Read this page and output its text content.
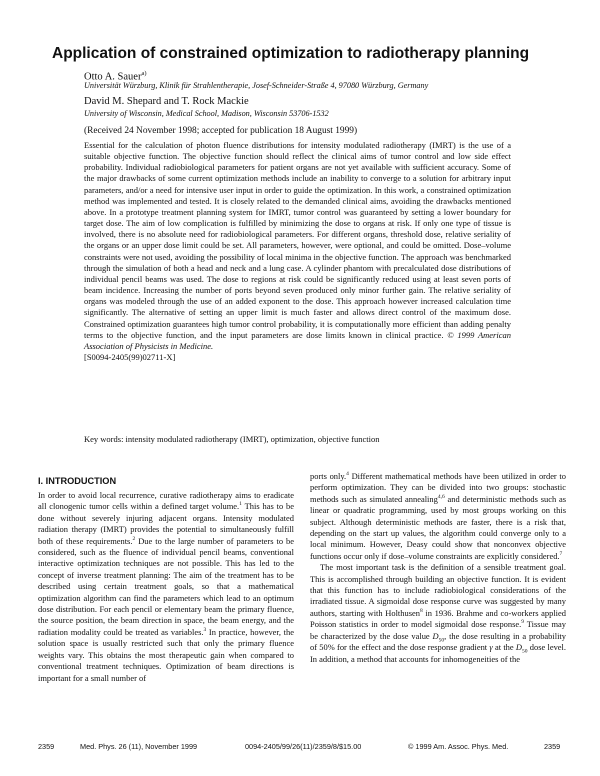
Application of constrained optimization to radiotherapy planning
Otto A. Sauer$^{a)}$
Universität Würzburg, Klinik für Strahlentherapie, Josef-Schneider-Straße 4, 97080 Würzburg, Germany
David M. Shepard and T. Rock Mackie
University of Wisconsin, Medical School, Madison, Wisconsin 53706-1532
(Received 24 November 1998; accepted for publication 18 August 1999)

Essential for the calculation of photon fluence distributions for intensity modulated radiotherapy (IMRT) is the use of a suitable objective function. The objective function should reflect the clinical aims of tumor control and low side effect probability. Individual radiobiological parameters for patient organs are not yet available with sufficient accuracy. Some of the major drawbacks of some current optimization methods include an inability to converge to a solution for arbitrary input parameters, and/or a need for intensive user input in order to guide the optimization. In this work, a constrained optimization method was implemented and tested. It is closely related to the demanded clinical aims, avoiding the drawbacks mentioned above. In a prototype treatment planning system for IMRT, tumor control was guaranteed by setting a lower boundary for target dose. The aim of low complication is fulfilled by minimizing the dose to organs at risk. If only one type of tissue is involved, there is no absolute need for radiobiological parameters. For different organs, threshold dose, relative seriality of the organs or an upper dose limit could be set. All parameters, however, were optional, and could be omitted. Dose–volume constraints were not used, avoiding the possibility of local minima in the objective function. The approach was benchmarked through the simulation of both a head and neck and a lung case. A cylinder phantom with precalculated dose distributions of individual pencil beams was used. The dose to regions at risk could be significantly reduced using at least seven ports of beam incidence. Increasing the number of ports beyond seven produced only minor further gain. The relative seriality of organs was modeled through the use of an added exponent to the dose. This approach however increased calculation time significantly. The alternative of setting an upper limit is much faster and allows direct control of the maximum dose. Constrained optimization guarantees high tumor control probability, it is computationally more efficient than adding penalty terms to the objective function, and the input parameters are dose limits known in clinical practice. © 1999 American Association of Physicists in Medicine.

[S0094-2405(99)02711-X]

Key words: intensity modulated radiotherapy (IMRT), optimization, objective function
I. INTRODUCTION

In order to avoid local recurrence, curative radiotherapy aims to eradicate all clonogenic tumor cells within a defined target volume.$^1$ This has to be done without severely injuring adjacent organs. Intensity modulated radiation therapy (IMRT) provides the potential to simultaneously fulfill both of these requirements.$^2$ Due to the large number of parameters to be considered, such as the fluence of individual pencil beams, conventional interactive optimization techniques are not possible. This has led to the concept of inverse treatment planning: The aim of the treatment has to be described using certain treatment goals, so that a mathematical optimization algorithm can find the parameters which lead to an optimum dose distribution. For each pencil or elementary beam the primary fluence, the source position, the beam direction in space, the beam energy, and the radiation modality could be treated as variables.$^3$ In practice, however, the solution space is usually restricted such that only the primary fluence weights vary. This obtains the most therapeutic gain when compared to conventional treatment techniques. Optimization of beam directions is important for a small number of

ports only.$^4$ Different mathematical methods have been utilized in order to perform optimization. They can be divided into two groups: stochastic methods such as simulated annealing$^{4,6}$ and deterministic methods such as linear or quadratic programming, used by most groups working on this subject. Although deterministic methods are faster, there is a risk that, depending on the start up values, the algorithm could converge only to a local minimum. However, Deasy could show that nonconvex objective functions occur only if dose–volume constraints are explicitly considered.$^7$

The most important task is the definition of a sensible treatment goal. This is accomplished through building an objective function. It is evident that this function has to include radiobiological considerations of the irradiated tissue. A sigmoidal dose response curve was suggested by many authors, starting with Holthusen$^8$ in 1936. Brahme and co-workers applied Poisson statistics in order to model sigmoidal dose response.$^9$ Tissue may be characterized by the dose value $D_{50}$, the dose resulting in a probability of 50% for the effect and the dose response gradient γ at the $D_{50}$ dose level. In addition, a method that accounts for inhomogeneities of the

2359	Med. Phys. 26 (11), November 1999	0094-2405/99/26(11)/2359/8/$15.00	© 1999 Am. Assoc. Phys. Med.	2359
